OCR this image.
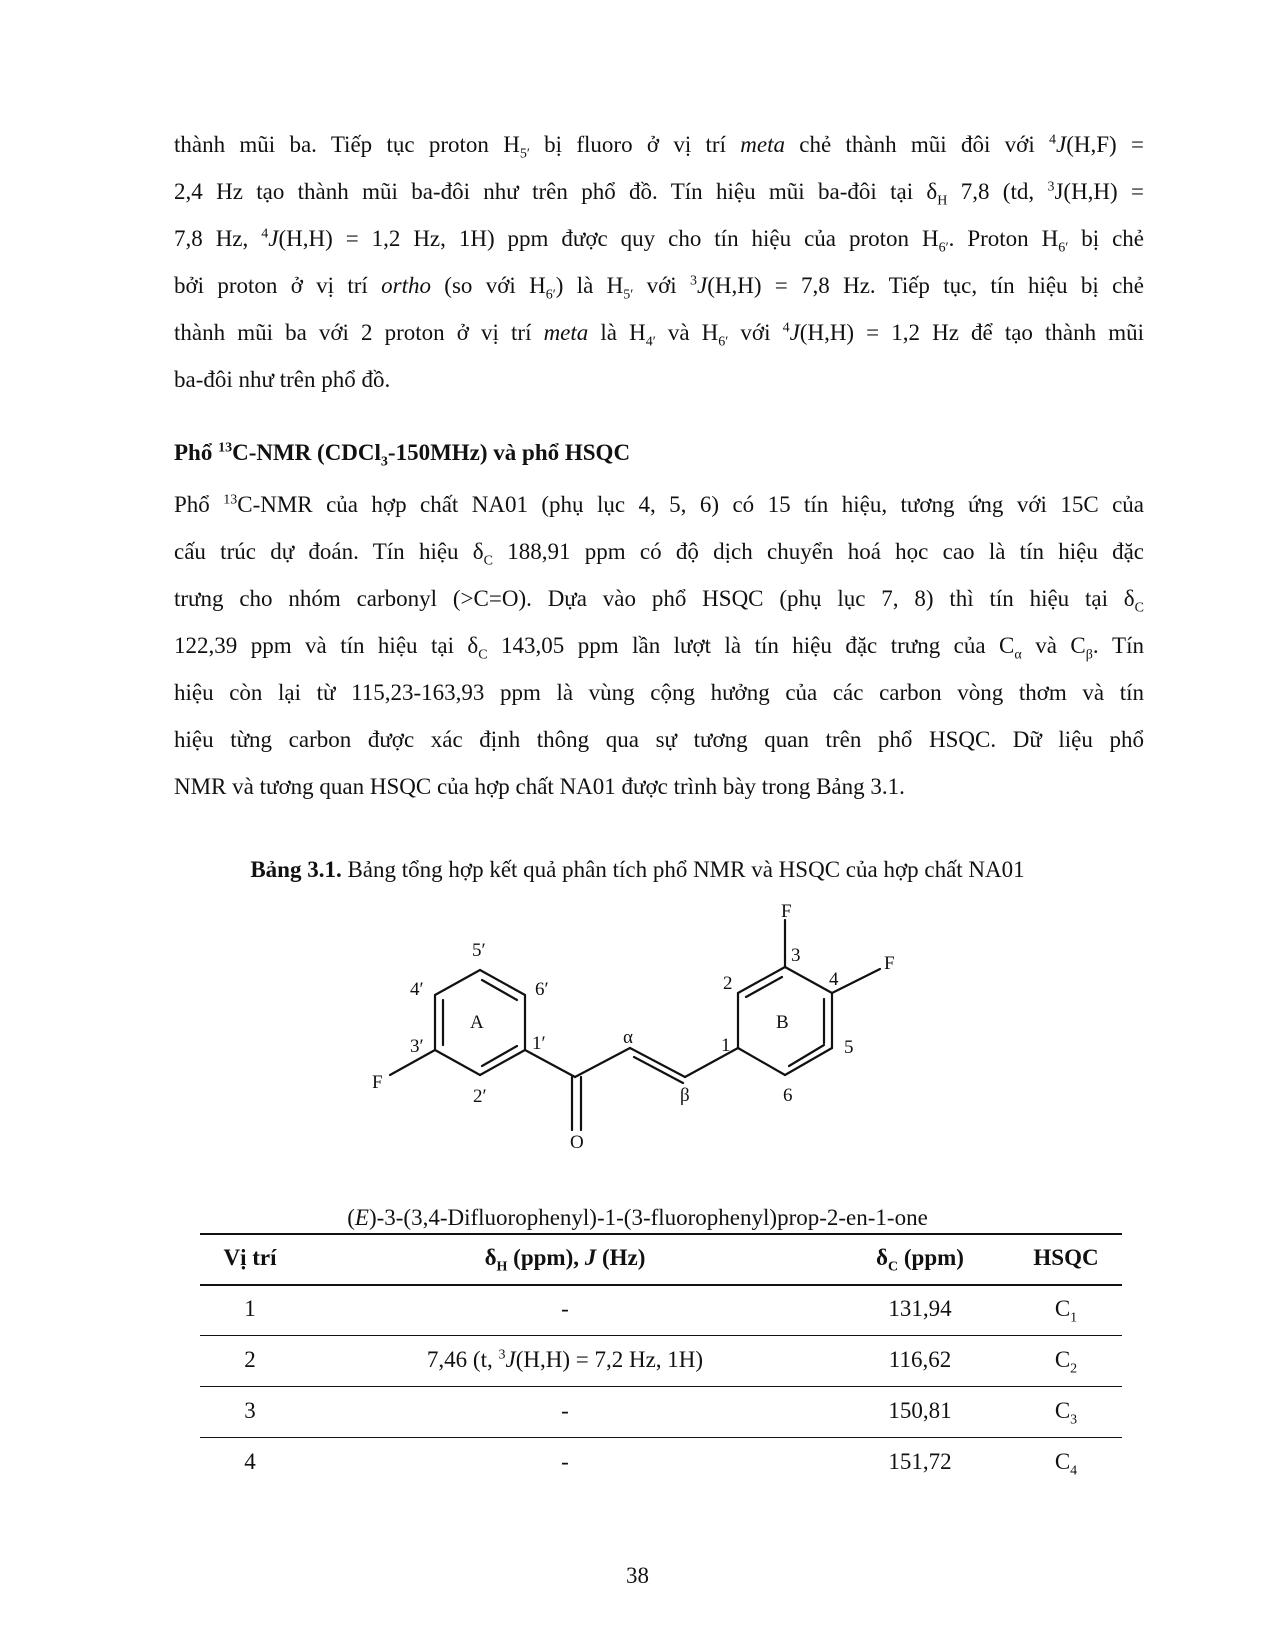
thành mũi ba. Tiếp tục proton $H_{5'}$ bị fluoro ở vị trí meta chẻ thành mũi đôi với $^4$J(H,F) =
2,4 Hz tạo thành mũi ba-đôi như trên phổ đồ. Tín hiệu mũi ba-đôi tại $\delta_H$ 7,8 (td, $^3$J(H,H) =
7,8 Hz, $^4$J(H,H) = 1,2 Hz, 1H) ppm được quy cho tín hiệu của proton $H_{6'}$. Proton $H_{6'}$ bị chẻ
bởi proton ở vị trí ortho (so với $H_{6'}$) là $H_{5'}$ với $^3$J(H,H) = 7,8 Hz. Tiếp tục, tín hiệu bị chẻ
thành mũi ba với 2 proton ở vị trí meta là $H_{4'}$ và $H_{6'}$ với $^4$J(H,H) = 1,2 Hz để tạo thành mũi
ba-đôi như trên phổ đồ.
Phổ $^{13}$C-NMR (CDCl$_3$-150MHz) và phổ HSQC
Phổ $^{13}$C-NMR của hợp chất NA01 (phụ lục 4, 5, 6) có 15 tín hiệu, tương ứng với 15C của
cấu trúc dự đoán. Tín hiệu $\delta_C$ 188,91 ppm có độ dịch chuyển hoá học cao là tín hiệu đặc
trưng cho nhóm carbonyl (>C=O). Dựa vào phổ HSQC (phụ lục 7, 8) thì tín hiệu tại $\delta_C$
122,39 ppm và tín hiệu tại $\delta_C$ 143,05 ppm lần lượt là tín hiệu đặc trưng của $C_\alpha$ và $C_\beta$. Tín
hiệu còn lại từ 115,23-163,93 ppm là vùng cộng hưởng của các carbon vòng thơm và tín
hiệu từng carbon được xác định thông qua sự tương quan trên phổ HSQC. Dữ liệu phổ
NMR và tương quan HSQC của hợp chất NA01 được trình bày trong Bảng 3.1.
Bảng 3.1. Bảng tổng hợp kết quả phân tích phổ NMR và HSQC của hợp chất NA01
F
3
4
F
2
B
5
1
6
β
α
5′
4′	6′
A
3′	1′
F
2′
O
(E)-3-(3,4-Difluorophenyl)-1-(3-fluorophenyl)prop-2-en-1-one
Vị trí	$\delta_H$ (ppm), J (Hz)	$\delta_C$ (ppm)	HSQC
1	-	131,94	$C_1$
2	7,46 (t, $^3$J(H,H) = 7,2 Hz, 1H)	116,62	$C_2$
3	-	150,81	$C_3$
4	-	151,72	$C_4$
38
